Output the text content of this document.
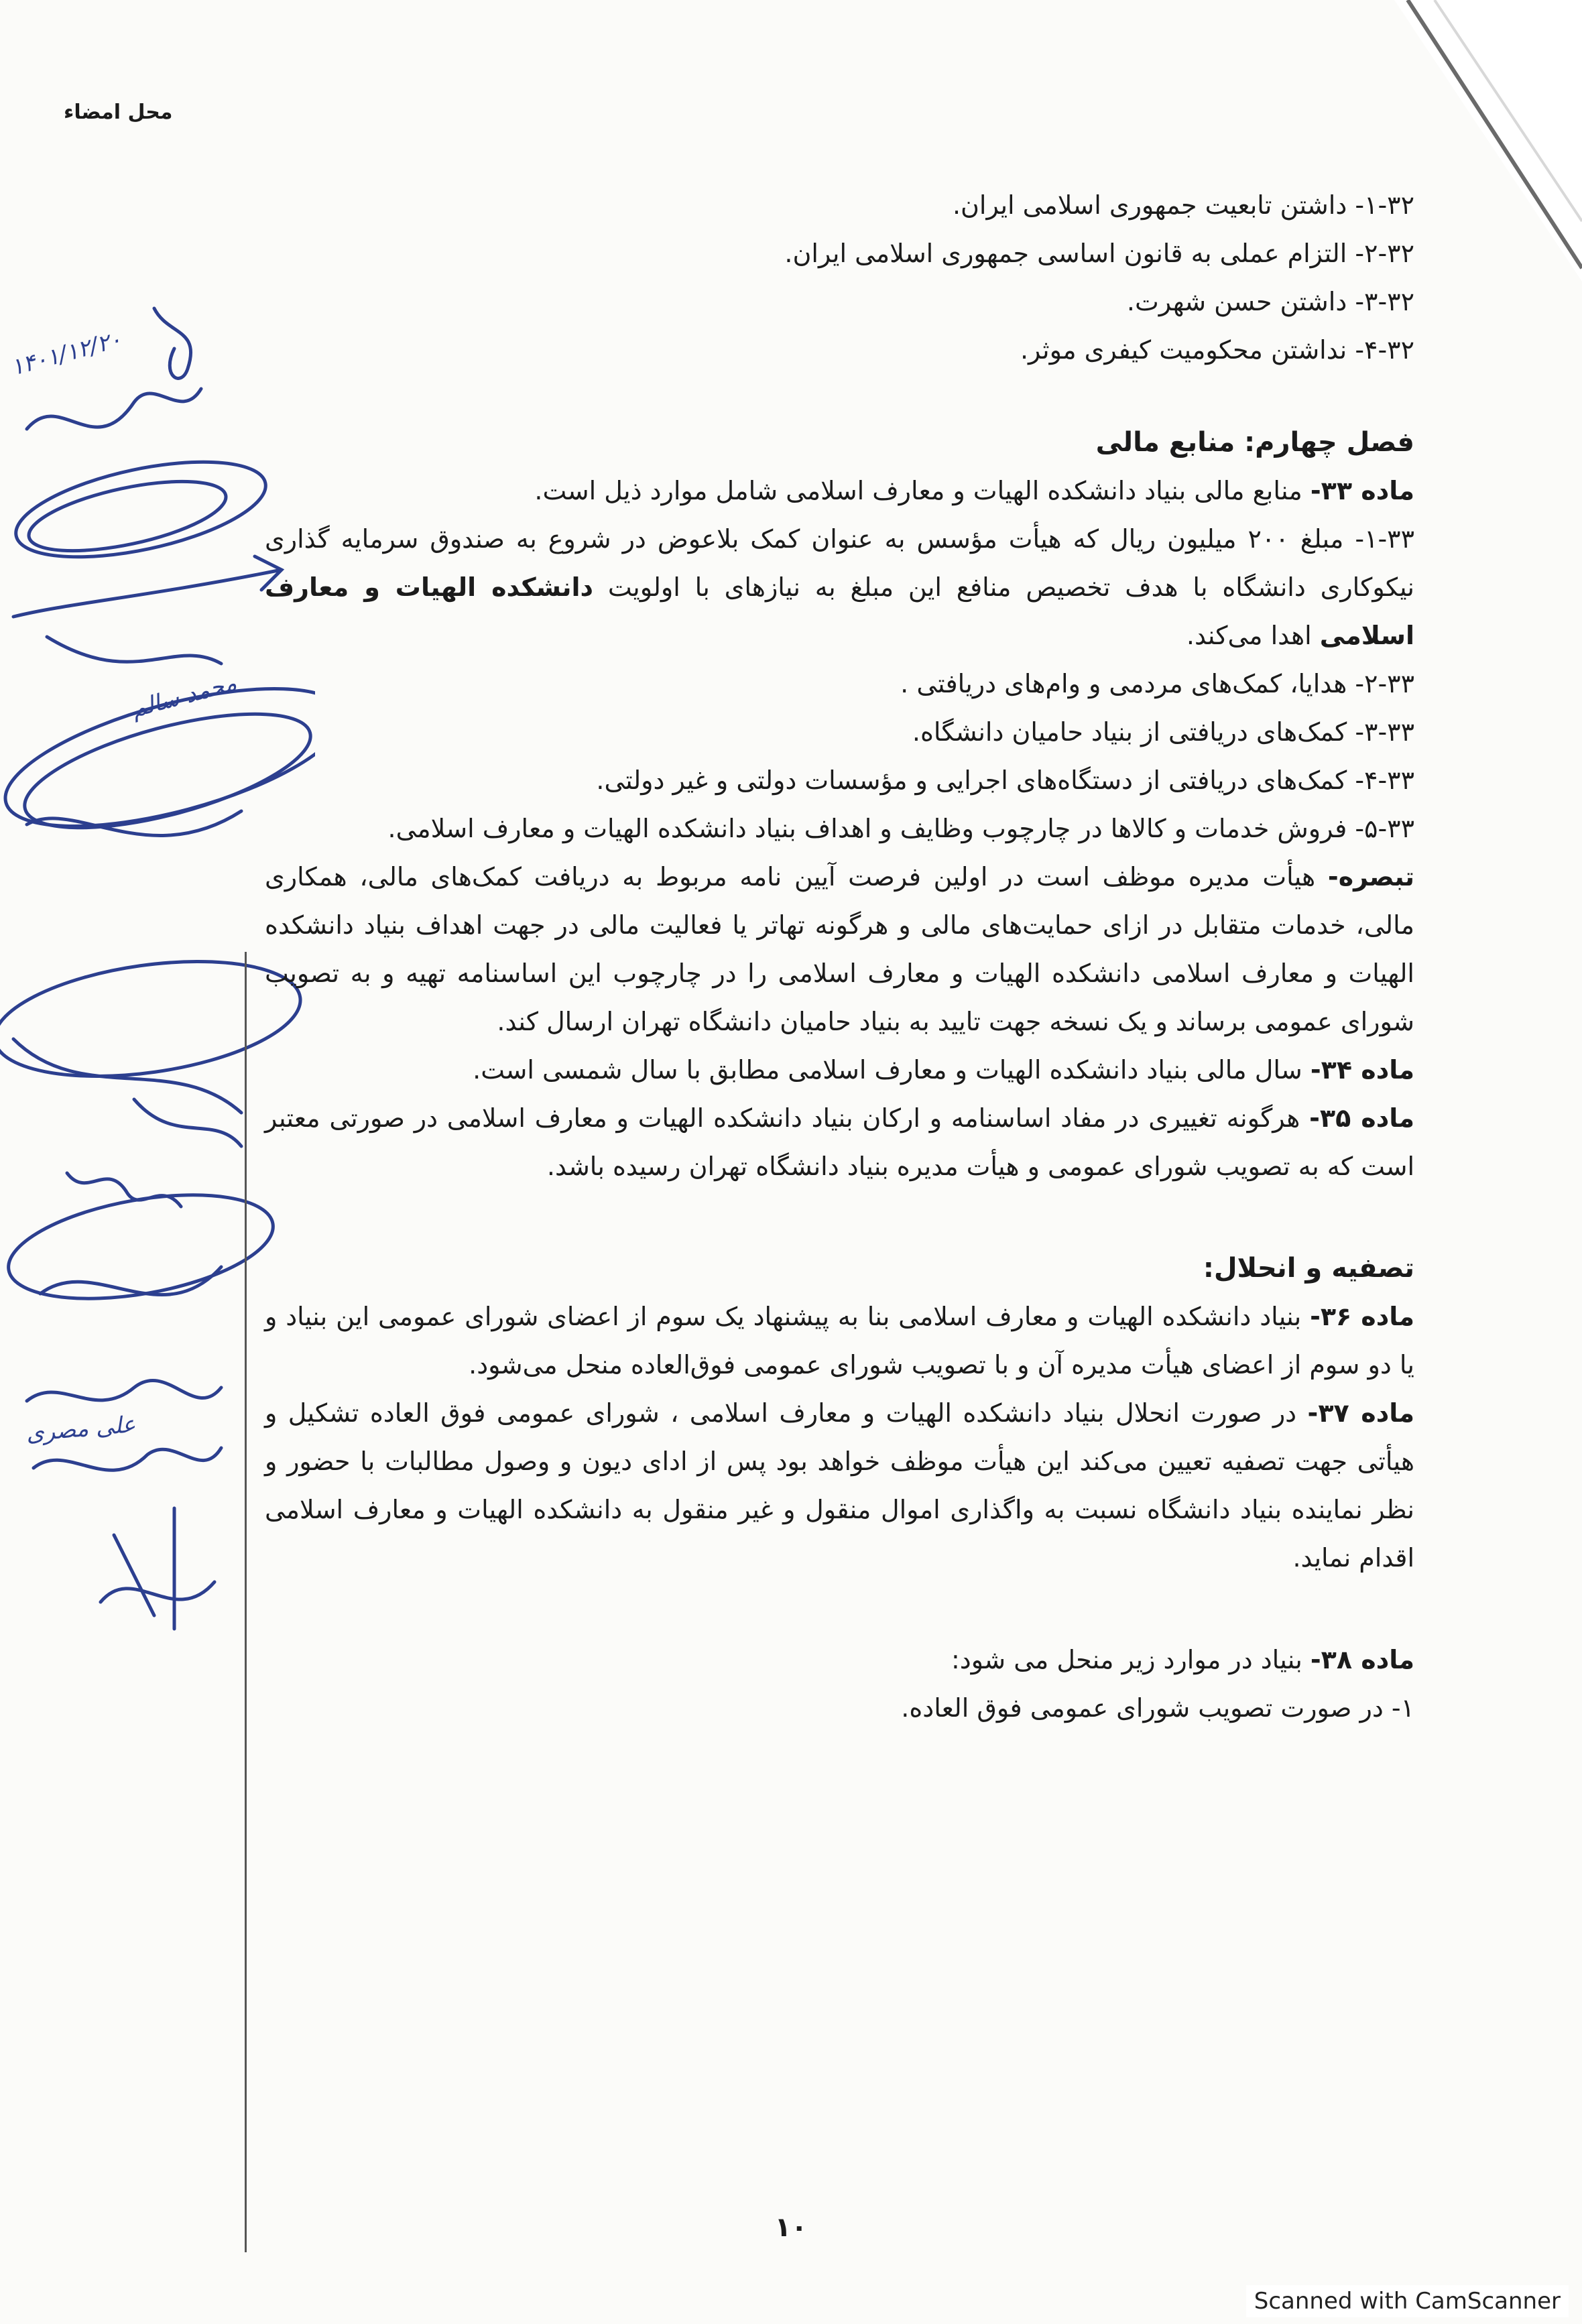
محل امضاء
۱۴۰۱/۱۲/۲۰
محمد سالم
علی مصری

۱-۳۲- داشتن تابعیت جمهوری اسلامی ایران.

۲-۳۲- التزام عملی به قانون اساسی جمهوری اسلامی ایران.

۳-۳۲- داشتن حسن شهرت.

۴-۳۲- نداشتن محکومیت کیفری موثر.

فصل چهارم: منابع مالی

ماده ۳۳- منابع مالی بنیاد دانشکده الهیات و معارف اسلامی شامل موارد ذیل است.

۱-۳۳- مبلغ ۲۰۰ میلیون ریال که هیأت مؤسس به عنوان کمک بلاعوض در شروع به صندوق سرمایه گذاری نیکوکاری دانشگاه با هدف تخصیص منافع این مبلغ به نیازهای با اولویت دانشکده الهیات و معارف اسلامی اهدا می‌کند.

۲-۳۳- هدایا، کمک‌های مردمی و وام‌های دریافتی .

۳-۳۳- کمک‌های دریافتی از بنیاد حامیان دانشگاه.

۴-۳۳- کمک‌های دریافتی از دستگاه‌های اجرایی و مؤسسات دولتی و غیر دولتی.

۵-۳۳- فروش خدمات و کالاها در چارچوب وظایف و اهداف بنیاد دانشکده الهیات و معارف اسلامی.

تبصره- هیأت مدیره موظف است در اولین فرصت آیین نامه مربوط به دریافت کمک‌های مالی، همکاری مالی، خدمات متقابل در ازای حمایت‌های مالی و هرگونه تهاتر یا فعالیت مالی در جهت اهداف بنیاد دانشکده الهیات و معارف اسلامی دانشکده الهیات و معارف اسلامی را در چارچوب این اساسنامه تهیه و به تصویب شورای عمومی برساند و یک نسخه جهت تایید به بنیاد حامیان دانشگاه تهران ارسال کند.

ماده ۳۴- سال مالی بنیاد دانشکده الهیات و معارف اسلامی مطابق با سال شمسی است.

ماده ۳۵- هرگونه تغییری در مفاد اساسنامه و ارکان بنیاد دانشکده الهیات و معارف اسلامی در صورتی معتبر است که به تصویب شورای عمومی و هیأت مدیره بنیاد دانشگاه تهران رسیده باشد.

تصفیه و انحلال:

ماده ۳۶- بنیاد دانشکده الهیات و معارف اسلامی بنا به پیشنهاد یک سوم از اعضای شورای عمومی این بنیاد و یا دو سوم از اعضای هیأت مدیره آن و با تصویب شورای عمومی فوق‌العاده منحل می‌شود.

ماده ۳۷- در صورت انحلال بنیاد دانشکده الهیات و معارف اسلامی ، شورای عمومی فوق العاده تشکیل و هیأتی جهت تصفیه تعیین می‌کند این هیأت موظف خواهد بود پس از ادای دیون و وصول مطالبات با حضور و نظر نماینده بنیاد دانشگاه نسبت به واگذاری اموال منقول و غیر منقول به دانشکده الهیات و معارف اسلامی اقدام نماید.

ماده ۳۸- بنیاد در موارد زیر منحل می شود:

۱- در صورت تصویب شورای عمومی فوق العاده.

۱۰
Scanned with CamScanner
